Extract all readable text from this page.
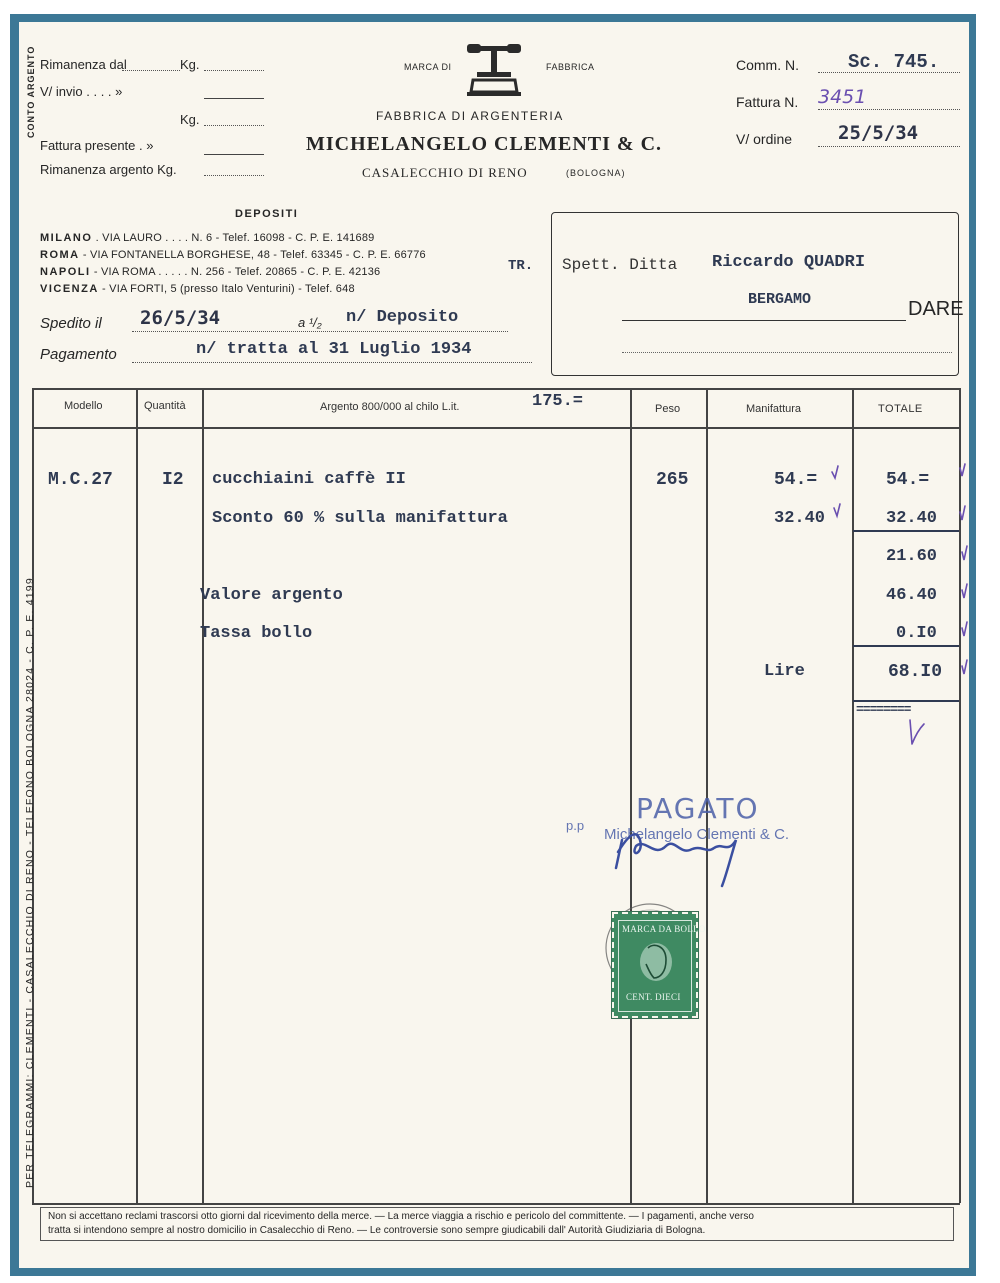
CONTO ARGENTO Rimanenza dal	Kg.
V/ invio . . . . »
Kg.
Fattura presente . »
Rimanenza argento Kg.
MARCA DI	FABBRICA
FABBRICA DI ARGENTERIA
MICHELANGELO CLEMENTI & C.
CASALECCHIO DI RENO	(BOLOGNA)
Comm. N.	Sc. 745.
Fattura N. 3451
V/ ordine 25/5/34
DEPOSITI
MILANO . VIA LAURO . . . . N. 6 - Telef. 16098 - C. P. E. 141689
ROMA - VIA FONTANELLA BORGHESE, 48 - Telef. 63345 - C. P. E. 66776
NAPOLI - VIA ROMA . . . . . N. 256 - Telef. 20865 - C. P. E. 42136
VICENZA - VIA FORTI, 5 (presso Italo Venturini) - Telef. 648
TR.
Spedito il 26/5/34	a ¹/₂ n/ Deposito
Pagamento	n/ tratta al 31 Luglio 1934
Spett. Ditta Riccardo QUADRI
BERGAMO	DARE
Modello	Quantità	Argento 800/000 al chilo L.it.	175.=	Peso	Manifattura	TOTALE
M.C.27	I2 cucchiaini caffè II	265	54.=	54.=
Sconto 60 % sulla manifattura	32.40	32.40
21.60
Valore argento	46.40
Tassa bollo	0.I0
Lire	68.I0
========
PAGATO
p.p
Michelangelo Clementi & C.
MARCA DA BOLLO
CENT. DIECI
PER TELEGRAMMI: CLEMENTI - CASALECCHIO DI RENO - TELEFONO BOLOGNA 28024 - C. P. E. 4199
Non si accettano reclami trascorsi otto giorni dal ricevimento della merce. — La merce viaggia a rischio e pericolo del committente. — I pagamenti, anche verso
tratta si intendono sempre al nostro domicilio in Casalecchio di Reno. — Le controversie sono sempre giudicabili dall' Autorità Giudiziaria di Bologna.
